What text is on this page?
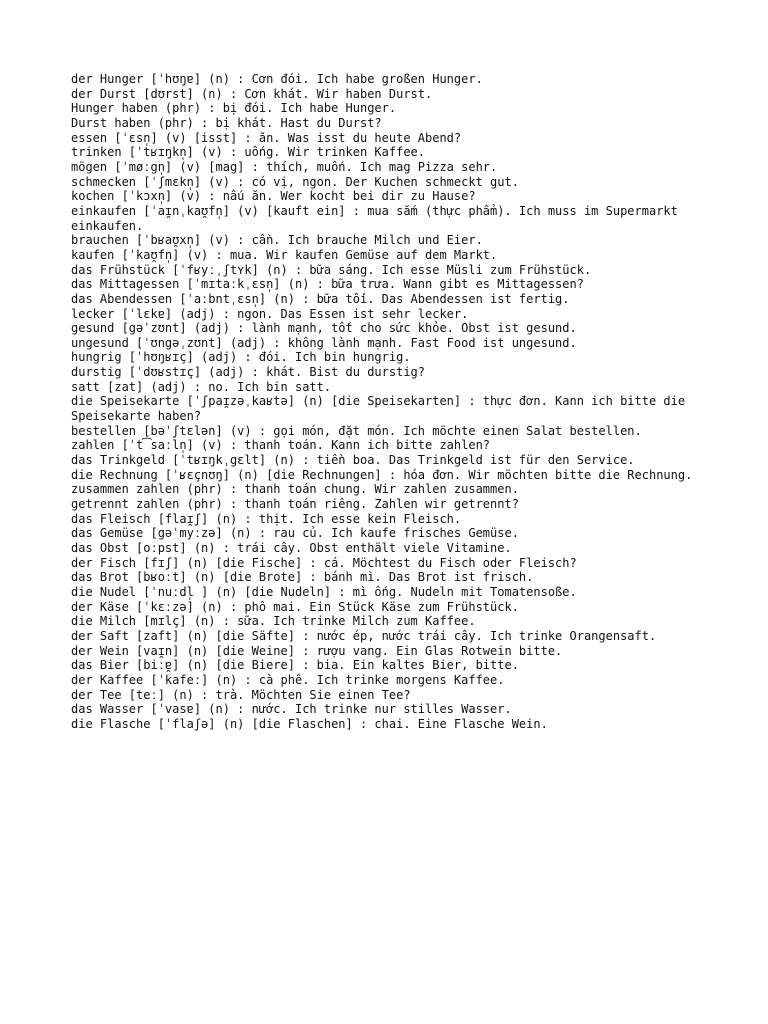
der Hunger [ˈhʊŋɐ] (n) : Cơn đói. Ich habe großen Hunger.
der Durst [dʊrst] (n) : Cơn khát. Wir haben Durst.
Hunger haben (phr) : bị đói. Ich habe Hunger.
Durst haben (phr) : bị khát. Hast du Durst?
essen [ˈɛsn̩] (v) [isst] : ăn. Was isst du heute Abend?
trinken [ˈtʁɪŋkn̩] (v) : uống. Wir trinken Kaffee.
mögen [ˈmøːgn̩] (v) [mag] : thích, muốn. Ich mag Pizza sehr.
schmecken [ˈʃmɛkn̩] (v) : có vị, ngon. Der Kuchen schmeckt gut.
kochen [ˈkɔxn̩] (v) : nấu ăn. Wer kocht bei dir zu Hause?
einkaufen [ˈaɪ̯nˌkaʊ̯fn̩] (v) [kauft ein] : mua sắm (thực phẩm). Ich muss im Supermarkt einkaufen.
brauchen [ˈbʁaʊ̯xn̩] (v) : cần. Ich brauche Milch und Eier.
kaufen [ˈkaʊ̯fn̩] (v) : mua. Wir kaufen Gemüse auf dem Markt.
das Frühstück [ˈfʁyːˌʃtʏk] (n) : bữa sáng. Ich esse Müsli zum Frühstück.
das Mittagessen [ˈmɪtaːkˌɛsn̩] (n) : bữa trưa. Wann gibt es Mittagessen?
das Abendessen [ˈaːbntˌɛsn̩] (n) : bữa tối. Das Abendessen ist fertig.
lecker [ˈlɛkɐ] (adj) : ngon. Das Essen ist sehr lecker.
gesund [gəˈzʊnt] (adj) : lành mạnh, tốt cho sức khỏe. Obst ist gesund.
ungesund [ˈʊngəˌzʊnt] (adj) : không lành mạnh. Fast Food ist ungesund.
hungrig [ˈhʊŋʁɪç] (adj) : đói. Ich bin hungrig.
durstig [ˈdʊʁstɪç] (adj) : khát. Bist du durstig?
satt [zat] (adj) : no. Ich bin satt.
die Speisekarte [ˈʃpaɪ̯zəˌkaʁtə] (n) [die Speisekarten] : thực đơn. Kann ich bitte die Speisekarte haben?
bestellen [bəˈʃtɛlən] (v) : gọi món, đặt món. Ich möchte einen Salat bestellen.
zahlen [ˈt͡saːln̩] (v) : thanh toán. Kann ich bitte zahlen?
das Trinkgeld [ˈtʁɪŋkˌgɛlt] (n) : tiền boa. Das Trinkgeld ist für den Service.
die Rechnung [ˈʁɛçnʊŋ] (n) [die Rechnungen] : hóa đơn. Wir möchten bitte die Rechnung.
zusammen zahlen (phr) : thanh toán chung. Wir zahlen zusammen.
getrennt zahlen (phr) : thanh toán riêng. Zahlen wir getrennt?
das Fleisch [flaɪ̯ʃ] (n) : thịt. Ich esse kein Fleisch.
das Gemüse [gəˈmyːzə] (n) : rau củ. Ich kaufe frisches Gemüse.
das Obst [oːpst] (n) : trái cây. Obst enthält viele Vitamine.
der Fisch [fɪʃ] (n) [die Fische] : cá. Möchtest du Fisch oder Fleisch?
das Brot [bʁoːt] (n) [die Brote] : bánh mì. Das Brot ist frisch.
die Nudel [ˈnuːdl̩ ] (n) [die Nudeln] : mì ống. Nudeln mit Tomatensoße.
der Käse [ˈkɛːzə] (n) : phô mai. Ein Stück Käse zum Frühstück.
die Milch [mɪlç] (n) : sữa. Ich trinke Milch zum Kaffee.
der Saft [zaft] (n) [die Säfte] : nước ép, nước trái cây. Ich trinke Orangensaft.
der Wein [vaɪ̯n] (n) [die Weine] : rượu vang. Ein Glas Rotwein bitte.
das Bier [biːɐ̯] (n) [die Biere] : bia. Ein kaltes Bier, bitte.
der Kaffee [ˈkafeː] (n) : cà phê. Ich trinke morgens Kaffee.
der Tee [teː] (n) : trà. Möchten Sie einen Tee?
das Wasser [ˈvasɐ] (n) : nước. Ich trinke nur stilles Wasser.
die Flasche [ˈflaʃə] (n) [die Flaschen] : chai. Eine Flasche Wein.
